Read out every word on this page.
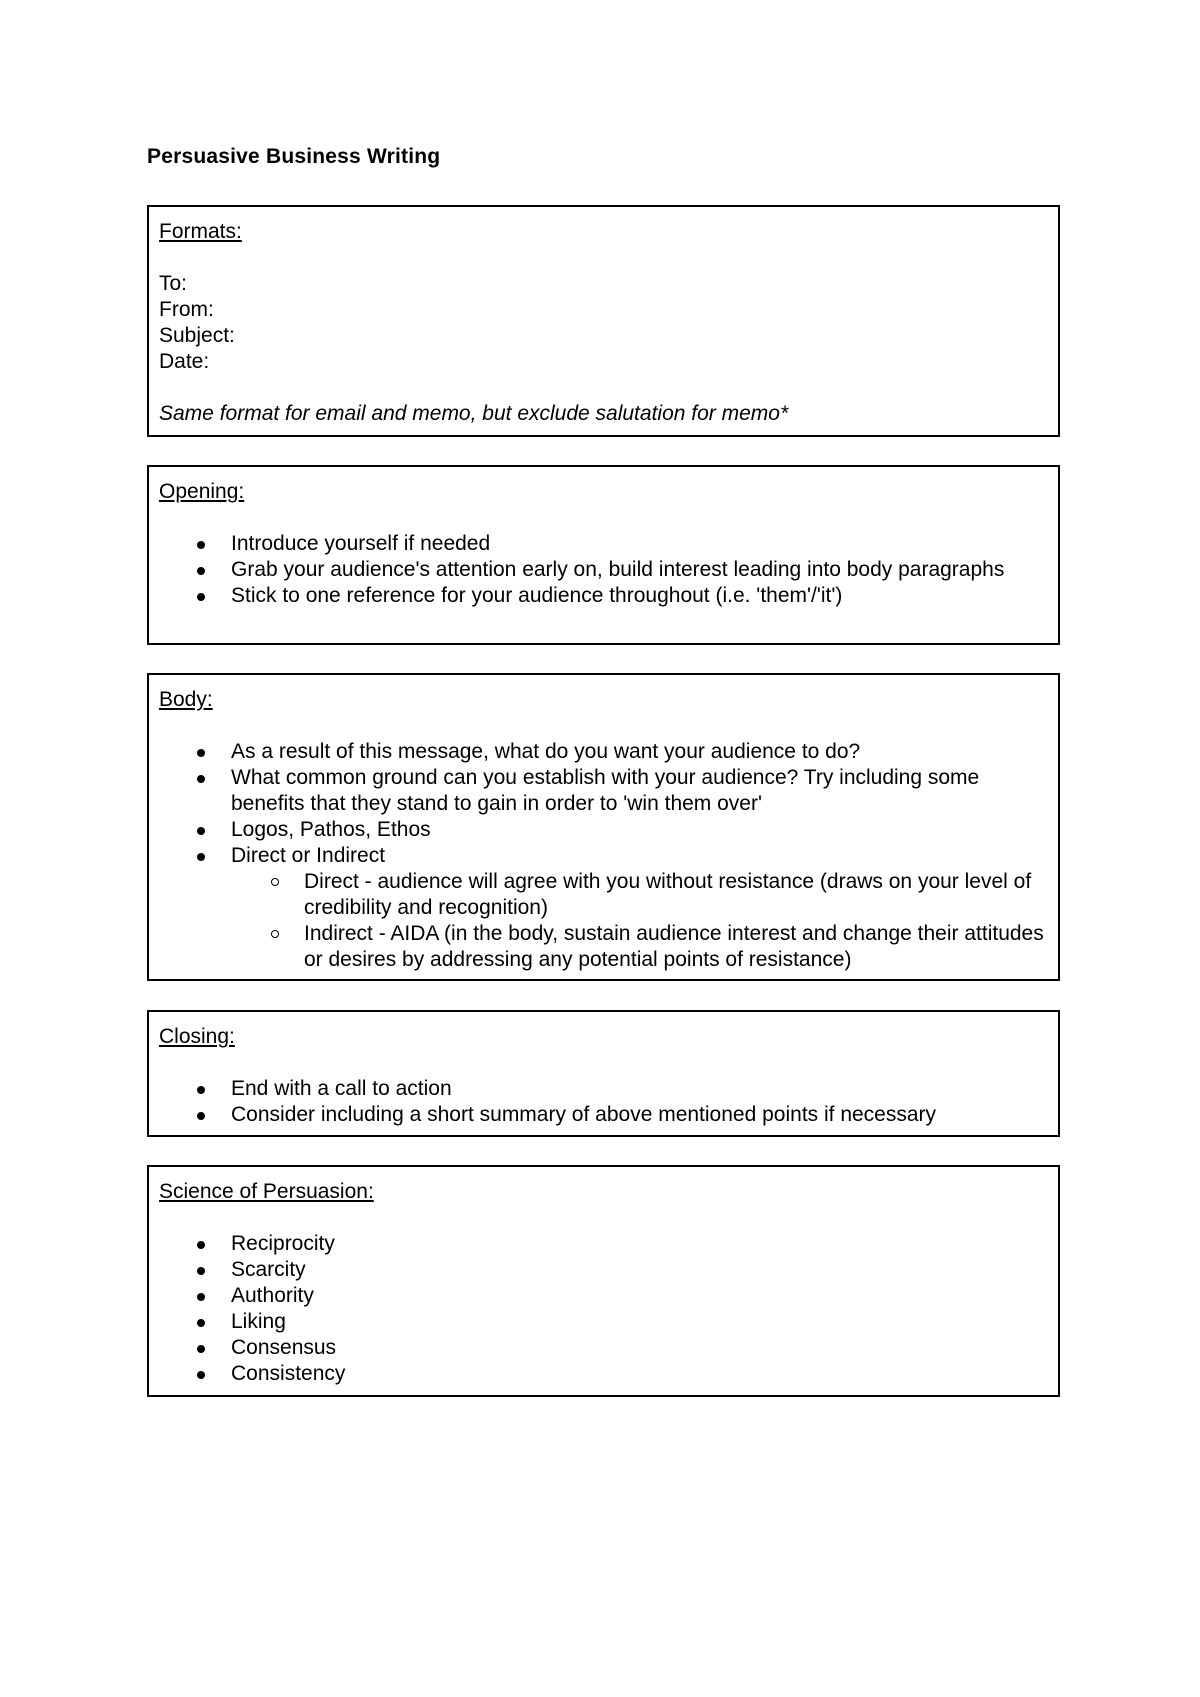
Persuasive Business Writing
Formats:
To:
From:
Subject:
Date:
Same format for email and memo, but exclude salutation for memo*
Opening:
Introduce yourself if needed
Grab your audience's attention early on, build interest leading into body paragraphs
Stick to one reference for your audience throughout (i.e. 'them'/'it')
Body:
As a result of this message, what do you want your audience to do?
What common ground can you establish with your audience? Try including some benefits that they stand to gain in order to 'win them over'
Logos, Pathos, Ethos
Direct or Indirect
Direct - audience will agree with you without resistance (draws on your level of credibility and recognition)
Indirect - AIDA (in the body, sustain audience interest and change their attitudes or desires by addressing any potential points of resistance)
Closing:
End with a call to action
Consider including a short summary of above mentioned points if necessary
Science of Persuasion:
Reciprocity
Scarcity
Authority
Liking
Consensus
Consistency
